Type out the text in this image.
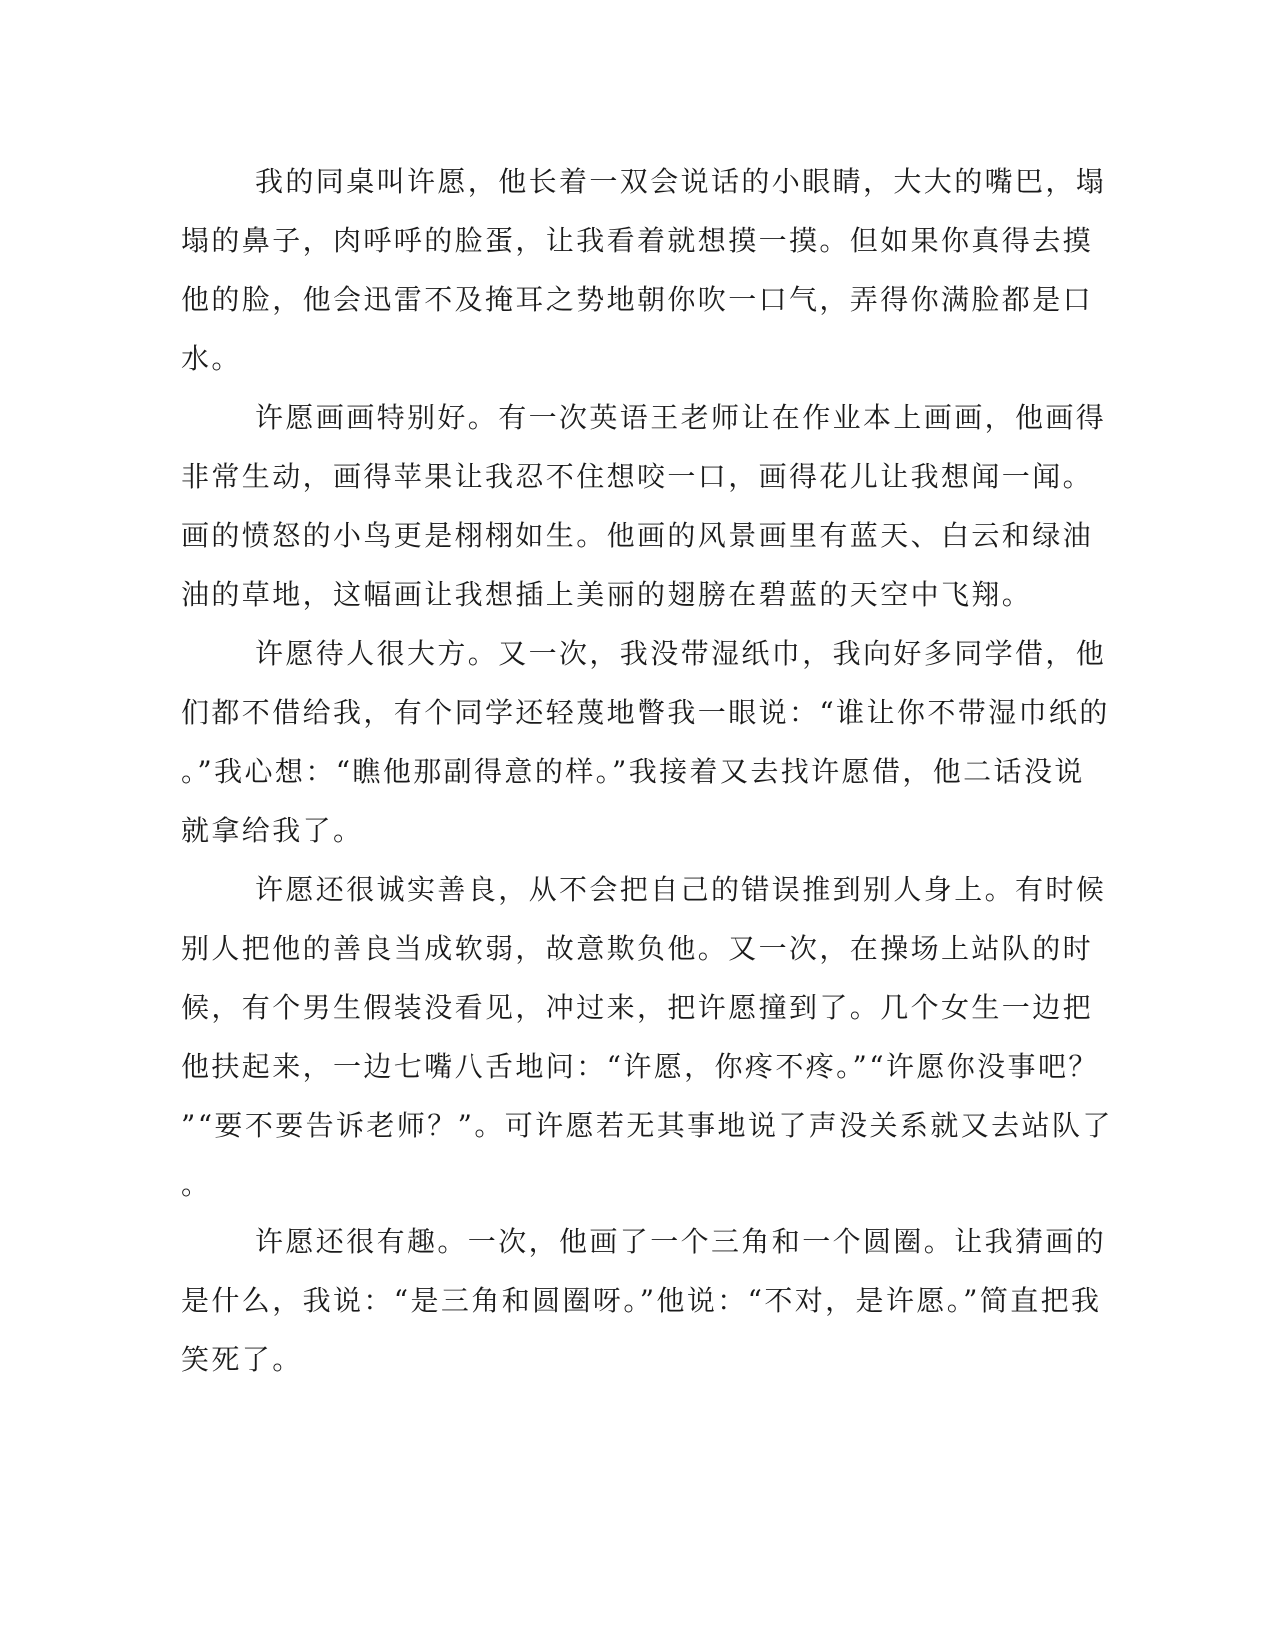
我的同桌叫许愿，他长着一双会说话的小眼睛，大大的嘴巴，塌
塌的鼻子，肉呼呼的脸蛋，让我看着就想摸一摸。但如果你真得去摸
他的脸，他会迅雷不及掩耳之势地朝你吹一口气，弄得你满脸都是口
水。

许愿画画特别好。有一次英语王老师让在作业本上画画，他画得
非常生动，画得苹果让我忍不住想咬一口，画得花儿让我想闻一闻。
画的愤怒的小鸟更是栩栩如生。他画的风景画里有蓝天、白云和绿油
油的草地，这幅画让我想插上美丽的翅膀在碧蓝的天空中飞翔。

许愿待人很大方。又一次，我没带湿纸巾，我向好多同学借，他
们都不借给我，有个同学还轻蔑地瞥我一眼说：“谁让你不带湿巾纸的
。”我心想：“瞧他那副得意的样。”我接着又去找许愿借，他二话没说
就拿给我了。

许愿还很诚实善良，从不会把自己的错误推到别人身上。有时候
别人把他的善良当成软弱，故意欺负他。又一次，在操场上站队的时
候，有个男生假装没看见，冲过来，把许愿撞到了。几个女生一边把
他扶起来，一边七嘴八舌地问：“许愿，你疼不疼。”“许愿你没事吧？
”“要不要告诉老师？”。可许愿若无其事地说了声没关系就又去站队了
。

许愿还很有趣。一次，他画了一个三角和一个圆圈。让我猜画的
是什么，我说：“是三角和圆圈呀。”他说：“不对，是许愿。”简直把我
笑死了。
